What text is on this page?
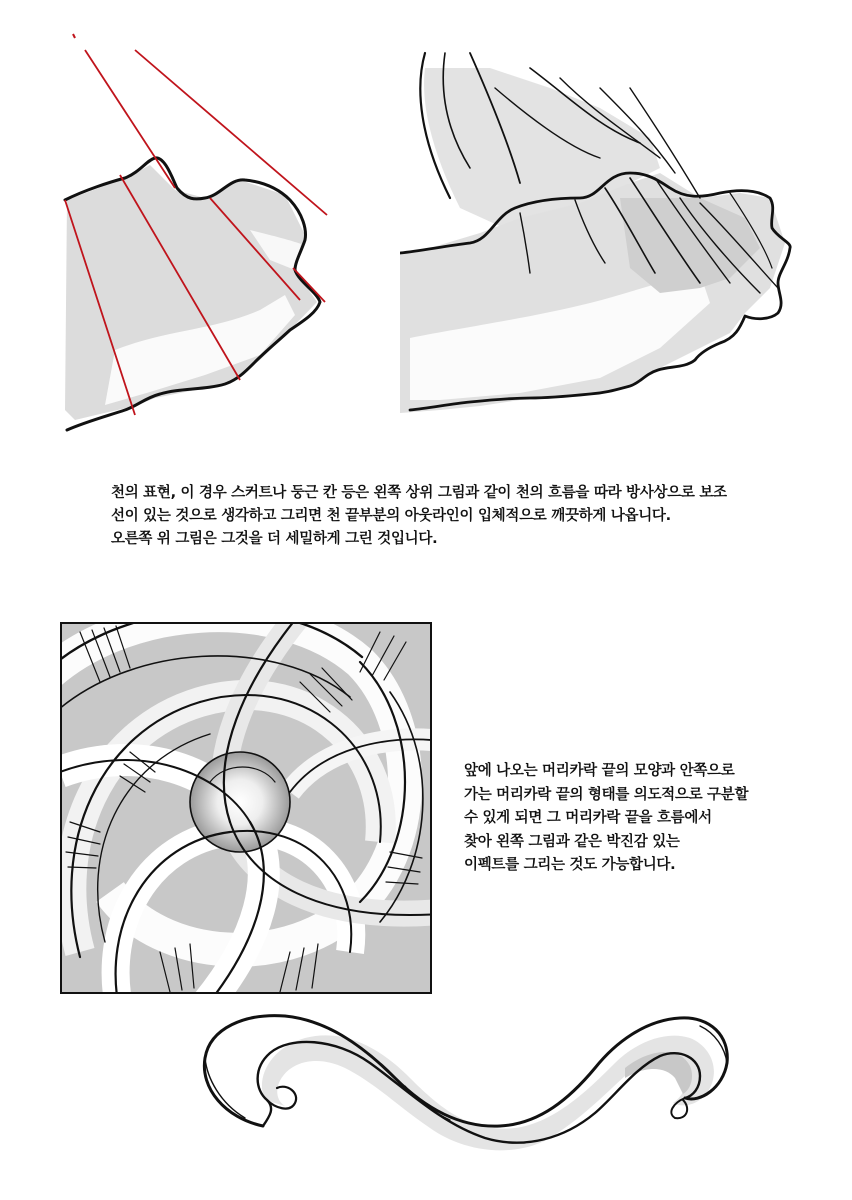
천의 표현, 이 경우 스커트나 둥근 칸 등은 왼쪽 상위 그림과 같이 천의 흐름을 따라 방사상으로 보조
선이 있는 것으로 생각하고 그리면 천 끝부분의 아웃라인이 입체적으로 깨끗하게 나옵니다.
오른쪽 위 그림은 그것을 더 세밀하게 그린 것입니다.
앞에 나오는 머리카락 끝의 모양과 안쪽으로
가는 머리카락 끝의 형태를 의도적으로 구분할
수 있게 되면 그 머리카락 끝을 흐름에서
찾아 왼쪽 그림과 같은 박진감 있는
이펙트를 그리는 것도 가능합니다.
